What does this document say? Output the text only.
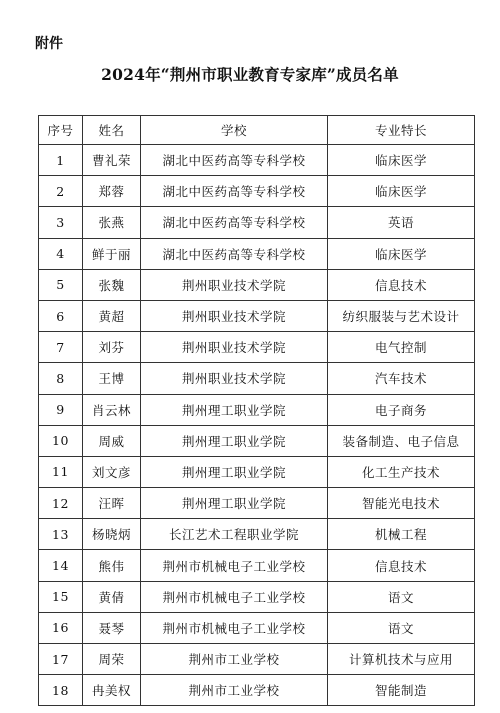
附件
2024年“荆州市职业教育专家库”成员名单
序号	姓名	学校	专业特长
1	曹礼荣	湖北中医药高等专科学校	临床医学
2	郑蓉	湖北中医药高等专科学校	临床医学
3	张燕	湖北中医药高等专科学校	英语
4	鲜于丽	湖北中医药高等专科学校	临床医学
5	张魏	荆州职业技术学院	信息技术
6	黄超	荆州职业技术学院	纺织服装与艺术设计
7	刘芬	荆州职业技术学院	电气控制
8	王博	荆州职业技术学院	汽车技术
9	肖云林	荆州理工职业学院	电子商务
10	周威	荆州理工职业学院	装备制造、电子信息
11	刘文彦	荆州理工职业学院	化工生产技术
12	汪晖	荆州理工职业学院	智能光电技术
13	杨晓炳	长江艺术工程职业学院	机械工程
14	熊伟	荆州市机械电子工业学校	信息技术
15	黄倩	荆州市机械电子工业学校	语文
16	聂琴	荆州市机械电子工业学校	语文
17	周荣	荆州市工业学校	计算机技术与应用
18	冉美权	荆州市工业学校	智能制造
